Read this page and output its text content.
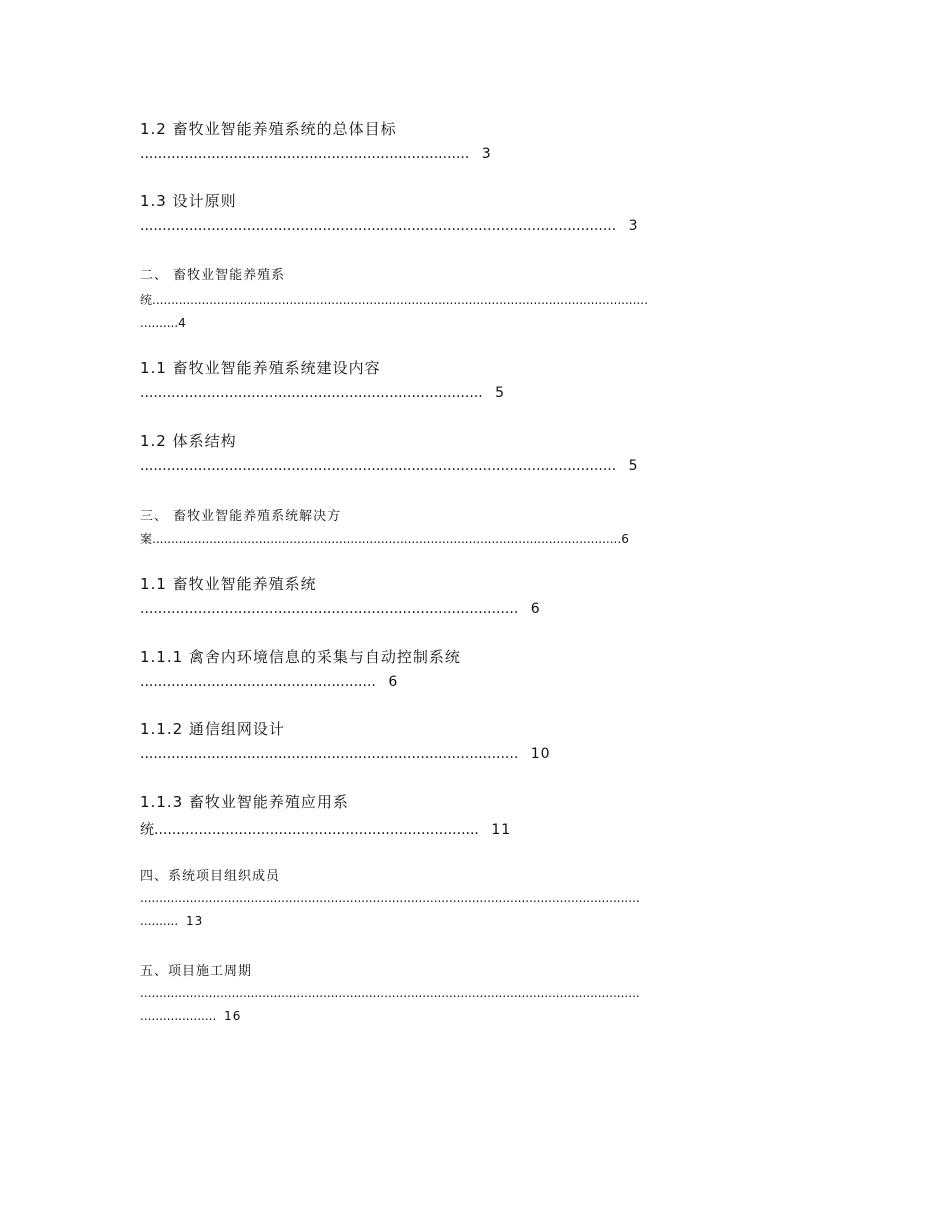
1.2 畜牧业智能养殖系统的总体目标
.......................................................................... 3
1.3 设计原则
........................................................................................................... 3
二、 畜牧业智能养殖系
统..................................................................................................................................
..........4
1.1 畜牧业智能养殖系统建设内容
............................................................................. 5
1.2 体系结构
........................................................................................................... 5
三、 畜牧业智能养殖系统解决方
案...........................................................................................................................6
1.1 畜牧业智能养殖系统
..................................................................................... 6
1.1.1 禽舍内环境信息的采集与自动控制系统
..................................................... 6
1.1.2 通信组网设计
..................................................................................... 10
1.1.3 畜牧业智能养殖应用系
统......................................................................... 11
四、系统项目组织成员
...................................................................................................................................
.......... 13
五、项目施工周期
...................................................................................................................................
.................... 16
